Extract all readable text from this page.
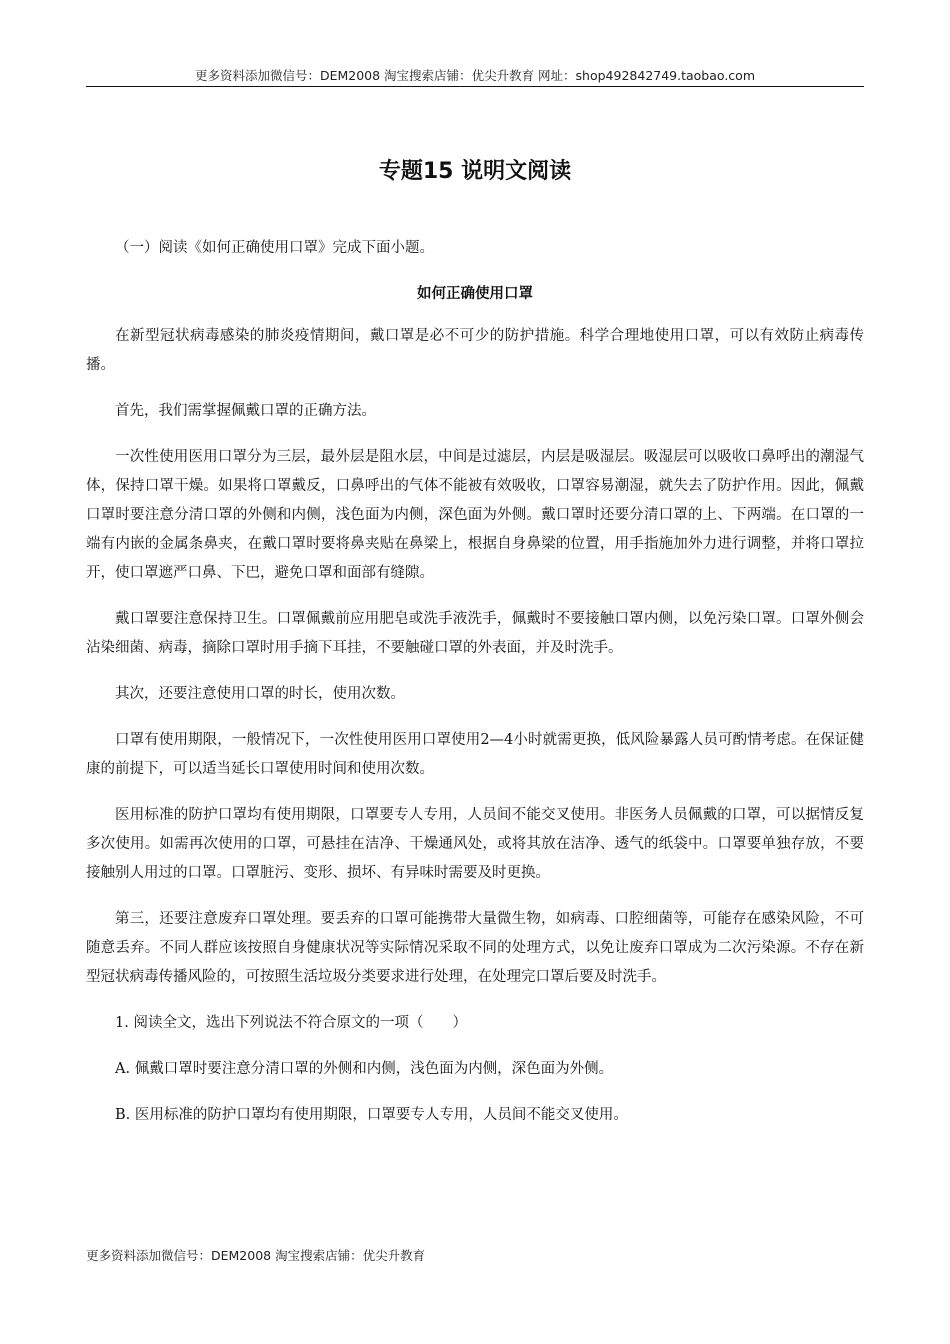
更多资料添加微信号：DEM2008 淘宝搜索店铺：优尖升教育 网址：shop492842749.taobao.com
专题15 说明文阅读

（一）阅读《如何正确使用口罩》完成下面小题。

如何正确使用口罩

在新型冠状病毒感染的肺炎疫情期间，戴口罩是必不可少的防护措施。科学合理地使用口罩，可以有效防止病毒传播。

首先，我们需掌握佩戴口罩的正确方法。

一次性使用医用口罩分为三层，最外层是阻水层，中间是过滤层，内层是吸湿层。吸湿层可以吸收口鼻呼出的潮湿气体，保持口罩干燥。如果将口罩戴反，口鼻呼出的气体不能被有效吸收，口罩容易潮湿，就失去了防护作用。因此，佩戴口罩时要注意分清口罩的外侧和内侧，浅色面为内侧，深色面为外侧。戴口罩时还要分清口罩的上、下两端。在口罩的一端有内嵌的金属条鼻夹，在戴口罩时要将鼻夹贴在鼻梁上，根据自身鼻梁的位置，用手指施加外力进行调整，并将口罩拉开，使口罩遮严口鼻、下巴，避免口罩和面部有缝隙。

戴口罩要注意保持卫生。口罩佩戴前应用肥皂或洗手液洗手，佩戴时不要接触口罩内侧，以免污染口罩。口罩外侧会沾染细菌、病毒，摘除口罩时用手摘下耳挂，不要触碰口罩的外表面，并及时洗手。

其次，还要注意使用口罩的时长，使用次数。

口罩有使用期限，一般情况下，一次性使用医用口罩使用2—4小时就需更换，低风险暴露人员可酌情考虑。在保证健康的前提下，可以适当延长口罩使用时间和使用次数。

医用标准的防护口罩均有使用期限，口罩要专人专用，人员间不能交叉使用。非医务人员佩戴的口罩，可以据情反复多次使用。如需再次使用的口罩，可悬挂在洁净、干燥通风处，或将其放在洁净、透气的纸袋中。口罩要单独存放，不要接触别人用过的口罩。口罩脏污、变形、损坏、有异味时需要及时更换。

第三，还要注意废弃口罩处理。要丢弃的口罩可能携带大量微生物，如病毒、口腔细菌等，可能存在感染风险，不可随意丢弃。不同人群应该按照自身健康状况等实际情况采取不同的处理方式，以免让废弃口罩成为二次污染源。不存在新型冠状病毒传播风险的，可按照生活垃圾分类要求进行处理，在处理完口罩后要及时洗手。

1. 阅读全文，选出下列说法不符合原文的一项（　　）

A. 佩戴口罩时要注意分清口罩的外侧和内侧，浅色面为内侧，深色面为外侧。

B. 医用标准的防护口罩均有使用期限，口罩要专人专用，人员间不能交叉使用。

更多资料添加微信号：DEM2008 淘宝搜索店铺：优尖升教育
